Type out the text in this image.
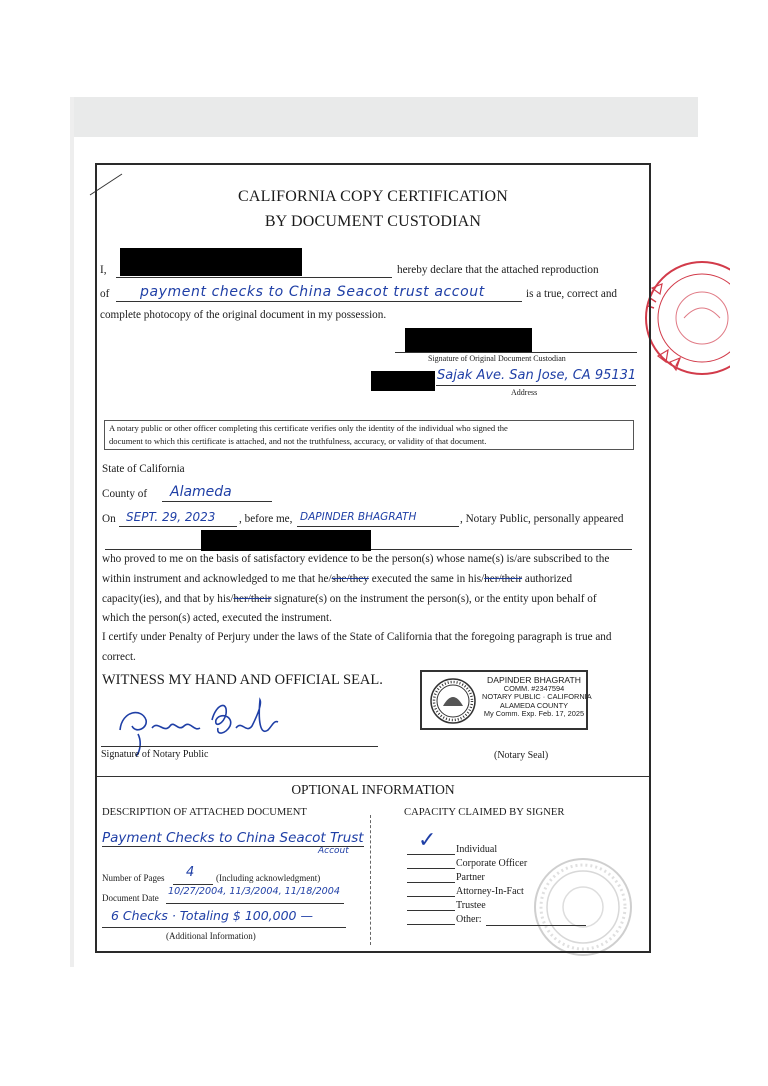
CALIFORNIA COPY CERTIFICATION
BY DOCUMENT CUSTODIAN
I,	hereby declare that the attached reproduction
of payment checks to China Seacot trust accout	is a true, correct and
complete photocopy of the original document in my possession.
Signature of Original Document Custodian
Sajak Ave. San Jose, CA 95131
Address
A notary public or other officer completing this certificate verifies only the identity of the individual who signed the
document to which this certificate is attached, and not the truthfulness, accuracy, or validity of that document.
State of California
County of Alameda
On SEPT. 29, 2023 , before me, DAPINDER BHAGRATH	, Notary Public, personally appeared
who proved to me on the basis of satisfactory evidence to be the person(s) whose name(s) is/are subscribed to the
within instrument and acknowledged to me that he/she/they executed the same in his/her/their authorized
capacity(ies), and that by his/her/their signature(s) on the instrument the person(s), or the entity upon behalf of
which the person(s) acted, executed the instrument.
I certify under Penalty of Perjury under the laws of the State of California that the foregoing paragraph is true and
correct.
WITNESS MY HAND AND OFFICIAL SEAL.
Signature of Notary Public	(Notary Seal)
DAPINDER BHAGRATH
COMM. #2347594
NOTARY PUBLIC · CALIFORNIA
ALAMEDA COUNTY
My Comm. Exp. Feb. 17, 2025
OPTIONAL INFORMATION
DESCRIPTION OF ATTACHED DOCUMENT	CAPACITY CLAIMED BY SIGNER
Payment Checks to China Seacot Trust
Accout
Number of Pages 4 (Including acknowledgment)
Document Date
10/27/2004, 11/3/2004, 11/18/2004
6 Checks · Totaling $ 100,000 —
(Additional Information)
✓ Individual
Corporate Officer
Partner
Attorney-In-Fact
Trustee
Other:
